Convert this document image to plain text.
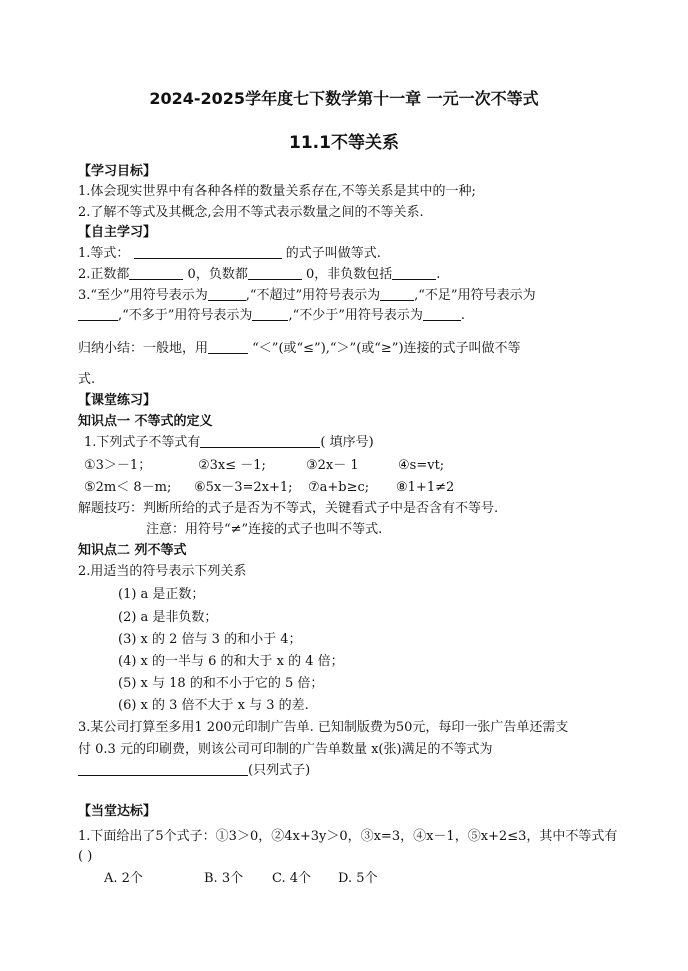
2024-2025学年度七下数学第十一章 一元一次不等式
11.1不等关系
【学习目标】
1.体会现实世界中有各种各样的数量关系存在,不等关系是其中的一种;
2.了解不等式及其概念,会用不等式表示数量之间的不等关系.
【自主学习】
1.等式：	的式子叫做等式.
2.正数都	0，负数都	0，非负数包括	.
3.“至少”用符号表示为	,“不超过”用符号表示为	,“不足”用符号表示为
,“不多于”用符号表示为	,“不少于”用符号表示为	.
归纳小结：一般地，用	“＜”(或“≤”),“＞”(或“≥”)连接的式子叫做不等
式.
【课堂练习】
知识点一 不等式的定义
1.下列式子不等式有	( 填序号)
①3＞－1；	②3x≤ －1;	③2x－ 1	④s=vt;
⑤2m＜ 8－m; ⑥5x－3=2x+1; ⑦a+b≥c; ⑧1+1≠2
解题技巧：判断所给的式子是否为不等式，关键看式子中是否含有不等号.
注意：用符号“≠”连接的式子也叫不等式.
知识点二 列不等式
2.用适当的符号表示下列关系
(1) a 是正数；
(2) a 是非负数；
(3) x 的 2 倍与 3 的和小于 4；
(4) x 的一半与 6 的和大于 x 的 4 倍；
(5) x 与 18 的和不小于它的 5 倍；
(6) x 的 3 倍不大于 x 与 3 的差.
3.某公司打算至多用1 200元印制广告单. 已知制版费为50元，每印一张广告单还需支
付 0.3 元的印刷费，则该公司可印制的广告单数量 x(张)满足的不等式为
(只列式子)
【当堂达标】
1.下面给出了5个式子：①3＞0，②4x+3y＞0，③x=3，④x－1，⑤x+2≤3，其中不等式有
( )
A. 2个	B. 3个 C. 4个 D. 5个
